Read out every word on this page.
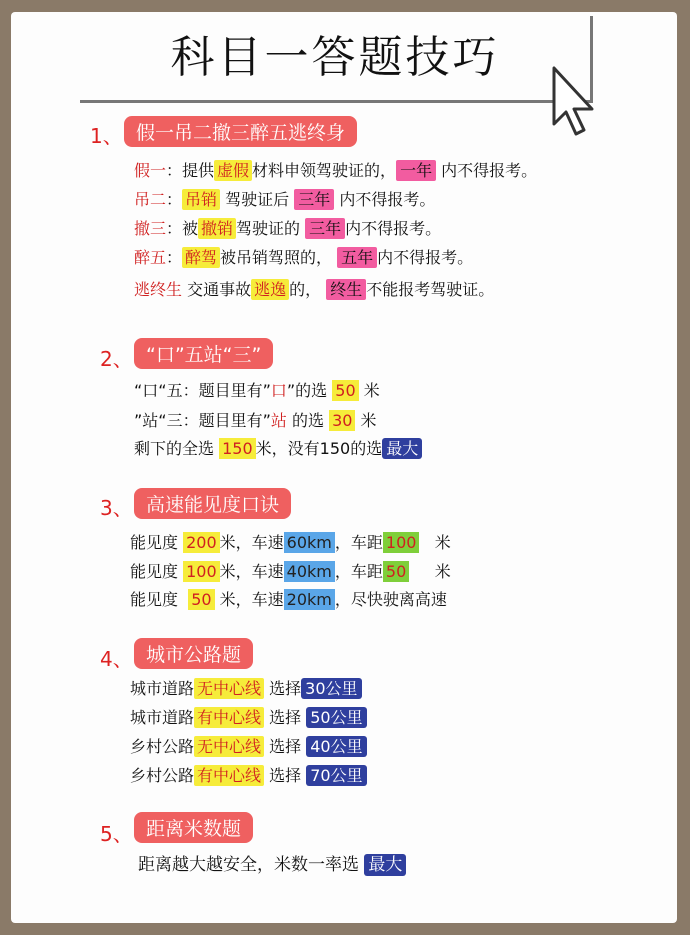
科目一答题技巧
1、 假一吊二撤三醉五逃终身
假一：提供 虚假 材料申领驾驶证的， 一年 内不得报考。
吊二： 吊销 驾驶证后 三年 内不得报考。
撤三：被 撤销 驾驶证的 三年 内不得报考。
醉五： 醉驾 被吊销驾照的， 五年 内不得报考。
逃终生 交通事故 逃逸 的， 终生 不能报考驾驶证。
2、 “口”五站“三”
“口“五：题目里有”口”的选 50 米
”站“三：题目里有”站 的选 30 米
剩下的全选 150 米，没有150的选 最大
3、 高速能见度口诀
能见度 200 米，车速 60km ，车距 100 米
能见度 100 米，车速 40km ，车距 50 米
能见度 50 米，车速 20km ，尽快驶离高速
4、 城市公路题
城市道路 无中心线 选择 30公里
城市道路 有中心线 选择 50公里
乡村公路 无中心线 选择 40公里
乡村公路 有中心线 选择 70公里
5、 距离米数题
距离越大越安全，米数一率选 最大
